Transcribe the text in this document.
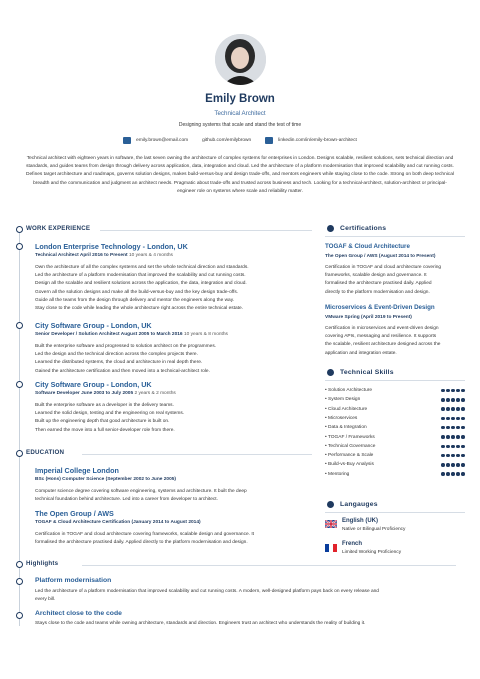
Emily Brown
Technical Architect
Designing systems that scale and stand the test of time
emily.brown@email.com	github.com/emilybrown	linkedin.com/in/emily-brown-architect
Technical architect with eighteen years in software, the last seven owning the architecture of complex systems for enterprises in London. Designs scalable, resilient solutions, sets technical direction and standards, and guides teams from design through delivery across application, data, integration and cloud. Led the architecture of a platform modernisation that improved scalability and cut running costs. Defines target architecture and roadmaps, governs solution designs, makes build-versus-buy and design trade-offs, and mentors engineers while staying close to the code. Strong on both deep technical breadth and the communication and judgment an architect needs. Pragmatic about trade-offs and trusted across business and tech. Looking for a technical-architect, solution-architect or principal-engineer role on systems where scale and reliability matter.
WORK EXPERIENCE
London Enterprise Technology - London, UK
Technical Architect April 2016 to Present 10 years & 4 months
Own the architecture of all the complex systems and set the whole technical direction and standards.
Led the architecture of a platform modernisation that improved the scalability and cut running costs.
Design all the scalable and resilient solutions across the application, the data, integration and cloud.
Govern all the solution designs and make all the build-versus-buy and the key design trade-offs.
Guide all the teams from the design through delivery and mentor the engineers along the way.
Stay close to the code while leading the whole architecture right across the entire technical estate.
City Software Group - London, UK
Senior Developer / Solution Architect August 2005 to March 2016 10 years & 8 months
Built the enterprise software and progressed to solution architect on the programmes.
Led the design and the technical direction across the complex projects there.
Learned the distributed systems, the cloud and architecture in real depth there.
Gained the architecture certification and then moved into a technical-architect role.
City Software Group - London, UK
Software Developer June 2003 to July 2005 2 years & 2 months
Built the enterprise software as a developer in the delivery teams.
Learned the solid design, testing and the engineering on real systems.
Built up the engineering depth that good architecture is built on.
Then earned the move into a full senior-developer role from there.
EDUCATION
Imperial College London
BSc (Hons) Computer Science (September 2002 to June 2005)
Computer science degree covering software engineering, systems and architecture. It built the deep
technical foundation behind architecture. Led into a career from developer to architect.
The Open Group / AWS
TOGAF & Cloud Architecture Certification (January 2014 to August 2014)
Certification in TOGAF and cloud architecture covering frameworks, scalable design and governance. It
formalised the architecture practised daily. Applied directly to the platform modernisation and design.
Highlights
Platform modernisation
Led the architecture of a platform modernisation that improved scalability and cut running costs. A modern, well-designed platform pays back on every release and
every bill.
Architect close to the code
Stays close to the code and teams while owning architecture, standards and direction. Engineers trust an architect who understands the reality of building it.
Certifications
TOGAF & Cloud Architecture
The Open Group / AWS (August 2014 to Present)
Certification in TOGAF and cloud architecture covering
frameworks, scalable design and governance. It
formalised the architecture practised daily. Applied
directly to the platform modernisation and design.
Microservices & Event-Driven Design
VMware Spring (April 2019 to Present)
Certification in microservices and event-driven design
covering APIs, messaging and resilience. It supports
the scalable, resilient architecture designed across the
application and integration estate.
Technical Skills
• Solution Architecture
• System Design
• Cloud Architecture
• Microservices
• Data & Integration
• TOGAF / Frameworks
• Technical Governance
• Performance & Scale
• Build-vs-Buy Analysis
• Mentoring
Langauges
English (UK)
Native or Bilingual Proficiency
French
Limited Working Proficiency
